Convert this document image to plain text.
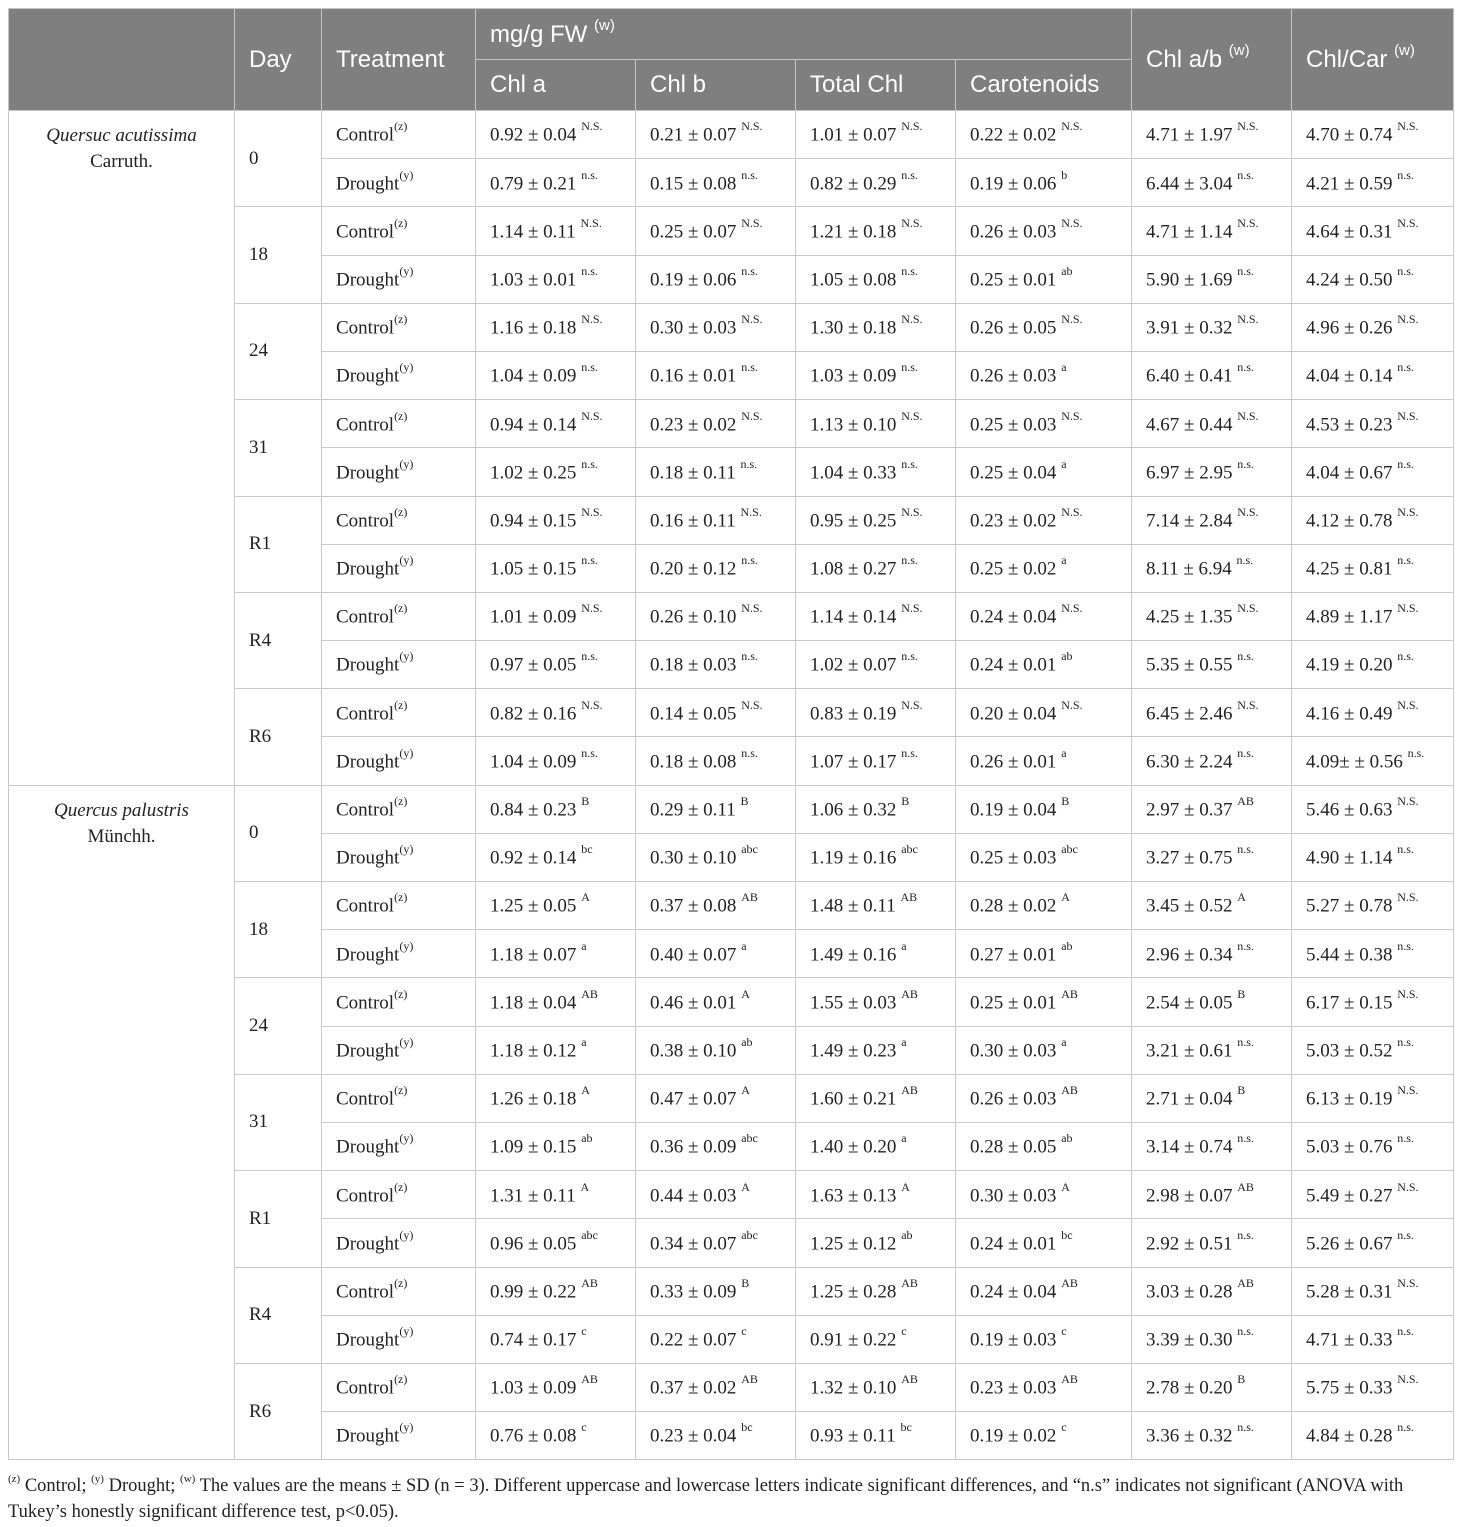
	Day	Treatment	mg/g FW $^{(w)}$				Chl a/b $^{(w)}$	Chl/Car $^{(w)}$
			Chl a	Chl b	Total Chl	Carotenoids		
Quersuc acutissima Carruth.	0	Control$^{(z)}$	0.92 ± 0.04 $^{N.S.}$	0.21 ± 0.07 $^{N.S.}$	1.01 ± 0.07 $^{N.S.}$	0.22 ± 0.02 $^{N.S.}$	4.71 ± 1.97 $^{N.S.}$	4.70 ± 0.74 $^{N.S.}$
		Drought$^{(y)}$	0.79 ± 0.21 $^{n.s.}$	0.15 ± 0.08 $^{n.s.}$	0.82 ± 0.29 $^{n.s.}$	0.19 ± 0.06 $^b$	6.44 ± 3.04 $^{n.s.}$	4.21 ± 0.59 $^{n.s.}$
	18	Control$^{(z)}$	1.14 ± 0.11 $^{N.S.}$	0.25 ± 0.07 $^{N.S.}$	1.21 ± 0.18 $^{N.S.}$	0.26 ± 0.03 $^{N.S.}$	4.71 ± 1.14 $^{N.S.}$	4.64 ± 0.31 $^{N.S.}$
		Drought$^{(y)}$	1.03 ± 0.01 $^{n.s.}$	0.19 ± 0.06 $^{n.s.}$	1.05 ± 0.08 $^{n.s.}$	0.25 ± 0.01 $^{ab}$	5.90 ± 1.69 $^{n.s.}$	4.24 ± 0.50 $^{n.s.}$
	24	Control$^{(z)}$	1.16 ± 0.18 $^{N.S.}$	0.30 ± 0.03 $^{N.S.}$	1.30 ± 0.18 $^{N.S.}$	0.26 ± 0.05 $^{N.S.}$	3.91 ± 0.32 $^{N.S.}$	4.96 ± 0.26 $^{N.S.}$
		Drought$^{(y)}$	1.04 ± 0.09 $^{n.s.}$	0.16 ± 0.01 $^{n.s.}$	1.03 ± 0.09 $^{n.s.}$	0.26 ± 0.03 $^a$	6.40 ± 0.41 $^{n.s.}$	4.04 ± 0.14 $^{n.s.}$
	31	Control$^{(z)}$	0.94 ± 0.14 $^{N.S.}$	0.23 ± 0.02 $^{N.S.}$	1.13 ± 0.10 $^{N.S.}$	0.25 ± 0.03 $^{N.S.}$	4.67 ± 0.44 $^{N.S.}$	4.53 ± 0.23 $^{N.S.}$
		Drought$^{(y)}$	1.02 ± 0.25 $^{n.s.}$	0.18 ± 0.11 $^{n.s.}$	1.04 ± 0.33 $^{n.s.}$	0.25 ± 0.04 $^a$	6.97 ± 2.95 $^{n.s.}$	4.04 ± 0.67 $^{n.s.}$
	R1	Control$^{(z)}$	0.94 ± 0.15 $^{N.S.}$	0.16 ± 0.11 $^{N.S.}$	0.95 ± 0.25 $^{N.S.}$	0.23 ± 0.02 $^{N.S.}$	7.14 ± 2.84 $^{N.S.}$	4.12 ± 0.78 $^{N.S.}$
		Drought$^{(y)}$	1.05 ± 0.15 $^{n.s.}$	0.20 ± 0.12 $^{n.s.}$	1.08 ± 0.27 $^{n.s.}$	0.25 ± 0.02 $^a$	8.11 ± 6.94 $^{n.s.}$	4.25 ± 0.81 $^{n.s.}$
	R4	Control$^{(z)}$	1.01 ± 0.09 $^{N.S.}$	0.26 ± 0.10 $^{N.S.}$	1.14 ± 0.14 $^{N.S.}$	0.24 ± 0.04 $^{N.S.}$	4.25 ± 1.35 $^{N.S.}$	4.89 ± 1.17 $^{N.S.}$
		Drought$^{(y)}$	0.97 ± 0.05 $^{n.s.}$	0.18 ± 0.03 $^{n.s.}$	1.02 ± 0.07 $^{n.s.}$	0.24 ± 0.01 $^{ab}$	5.35 ± 0.55 $^{n.s.}$	4.19 ± 0.20 $^{n.s.}$
	R6	Control$^{(z)}$	0.82 ± 0.16 $^{N.S.}$	0.14 ± 0.05 $^{N.S.}$	0.83 ± 0.19 $^{N.S.}$	0.20 ± 0.04 $^{N.S.}$	6.45 ± 2.46 $^{N.S.}$	4.16 ± 0.49 $^{N.S.}$
		Drought$^{(y)}$	1.04 ± 0.09 $^{n.s.}$	0.18 ± 0.08 $^{n.s.}$	1.07 ± 0.17 $^{n.s.}$	0.26 ± 0.01 $^a$	6.30 ± 2.24 $^{n.s.}$	4.09± ± 0.56 $^{n.s.}$
Quercus palustris Münchh.	0	Control$^{(z)}$	0.84 ± 0.23 $^B$	0.29 ± 0.11 $^B$	1.06 ± 0.32 $^B$	0.19 ± 0.04 $^B$	2.97 ± 0.37 $^{AB}$	5.46 ± 0.63 $^{N.S.}$
		Drought$^{(y)}$	0.92 ± 0.14 $^{bc}$	0.30 ± 0.10 $^{abc}$	1.19 ± 0.16 $^{abc}$	0.25 ± 0.03 $^{abc}$	3.27 ± 0.75 $^{n.s.}$	4.90 ± 1.14 $^{n.s.}$
	18	Control$^{(z)}$	1.25 ± 0.05 $^A$	0.37 ± 0.08 $^{AB}$	1.48 ± 0.11 $^{AB}$	0.28 ± 0.02 $^A$	3.45 ± 0.52 $^A$	5.27 ± 0.78 $^{N.S.}$
		Drought$^{(y)}$	1.18 ± 0.07 $^a$	0.40 ± 0.07 $^a$	1.49 ± 0.16 $^a$	0.27 ± 0.01 $^{ab}$	2.96 ± 0.34 $^{n.s.}$	5.44 ± 0.38 $^{n.s.}$
	24	Control$^{(z)}$	1.18 ± 0.04 $^{AB}$	0.46 ± 0.01 $^A$	1.55 ± 0.03 $^{AB}$	0.25 ± 0.01 $^{AB}$	2.54 ± 0.05 $^B$	6.17 ± 0.15 $^{N.S.}$
		Drought$^{(y)}$	1.18 ± 0.12 $^a$	0.38 ± 0.10 $^{ab}$	1.49 ± 0.23 $^a$	0.30 ± 0.03 $^a$	3.21 ± 0.61 $^{n.s.}$	5.03 ± 0.52 $^{n.s.}$
	31	Control$^{(z)}$	1.26 ± 0.18 $^A$	0.47 ± 0.07 $^A$	1.60 ± 0.21 $^{AB}$	0.26 ± 0.03 $^{AB}$	2.71 ± 0.04 $^B$	6.13 ± 0.19 $^{N.S.}$
		Drought$^{(y)}$	1.09 ± 0.15 $^{ab}$	0.36 ± 0.09 $^{abc}$	1.40 ± 0.20 $^a$	0.28 ± 0.05 $^{ab}$	3.14 ± 0.74 $^{n.s.}$	5.03 ± 0.76 $^{n.s.}$
	R1	Control$^{(z)}$	1.31 ± 0.11 $^A$	0.44 ± 0.03 $^A$	1.63 ± 0.13 $^A$	0.30 ± 0.03 $^A$	2.98 ± 0.07 $^{AB}$	5.49 ± 0.27 $^{N.S.}$
		Drought$^{(y)}$	0.96 ± 0.05 $^{abc}$	0.34 ± 0.07 $^{abc}$	1.25 ± 0.12 $^{ab}$	0.24 ± 0.01 $^{bc}$	2.92 ± 0.51 $^{n.s.}$	5.26 ± 0.67 $^{n.s.}$
	R4	Control$^{(z)}$	0.99 ± 0.22 $^{AB}$	0.33 ± 0.09 $^B$	1.25 ± 0.28 $^{AB}$	0.24 ± 0.04 $^{AB}$	3.03 ± 0.28 $^{AB}$	5.28 ± 0.31 $^{N.S.}$
		Drought$^{(y)}$	0.74 ± 0.17 $^c$	0.22 ± 0.07 $^c$	0.91 ± 0.22 $^c$	0.19 ± 0.03 $^c$	3.39 ± 0.30 $^{n.s.}$	4.71 ± 0.33 $^{n.s.}$
	R6	Control$^{(z)}$	1.03 ± 0.09 $^{AB}$	0.37 ± 0.02 $^{AB}$	1.32 ± 0.10 $^{AB}$	0.23 ± 0.03 $^{AB}$	2.78 ± 0.20 $^B$	5.75 ± 0.33 $^{N.S.}$
		Drought$^{(y)}$	0.76 ± 0.08 $^c$	0.23 ± 0.04 $^{bc}$	0.93 ± 0.11 $^{bc}$	0.19 ± 0.02 $^c$	3.36 ± 0.32 $^{n.s.}$	4.84 ± 0.28 $^{n.s.}$
$^{(z)}$ Control; $^{(y)}$ Drought; $^{(w)}$ The values are the means ± SD (n = 3). Different uppercase and lowercase letters indicate significant differences, and “n.s” indicates not significant (ANOVA with Tukey’s honestly significant difference test, p<0.05).
